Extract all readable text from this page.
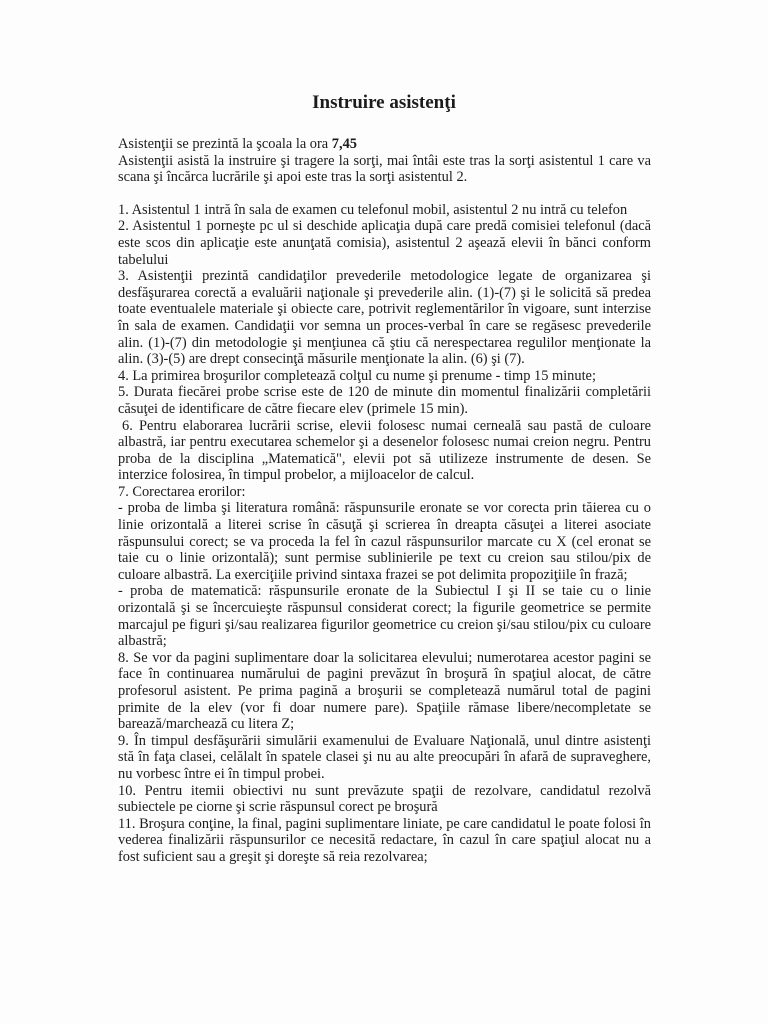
Instruire asistenţi

Asistenţii se prezintă la şcoala la ora 7,45

Asistenţii asistă la instruire şi tragere la sorţi, mai întâi este tras la sorţi asistentul 1 care va scana şi încărca lucrările şi apoi este tras la sorţi asistentul 2.

1. Asistentul 1 intră în sala de examen cu telefonul mobil, asistentul 2 nu intră cu telefon

2. Asistentul 1 porneşte pc ul si deschide aplicaţia după care predă comisiei telefonul (dacă este scos din aplicaţie este anunţată comisia), asistentul 2 aşează elevii în bănci conform tabelului

3. Asistenţii prezintă candidaţilor prevederile metodologice legate de organizarea şi desfăşurarea corectă a evaluării naţionale şi prevederile alin. (1)-(7) şi le solicită să predea toate eventualele materiale şi obiecte care, potrivit reglementărilor în vigoare, sunt interzise în sala de examen. Candidaţii vor semna un proces-verbal în care se regăsesc prevederile alin. (1)-(7) din metodologie şi menţiunea că ştiu că nerespectarea regulilor menţionate la alin. (3)-(5) are drept consecinţă măsurile menţionate la alin. (6) şi (7).

4. La primirea broşurilor completează colţul cu nume şi prenume - timp 15 minute;

5. Durata fiecărei probe scrise este de 120 de minute din momentul finalizării completării căsuţei de identificare de către fiecare elev (primele 15 min).

6. Pentru elaborarea lucrării scrise, elevii folosesc numai cerneală sau pastă de culoare albastră, iar pentru executarea schemelor şi a desenelor folosesc numai creion negru. Pentru proba de la disciplina „Matematică", elevii pot să utilizeze instrumente de desen. Se interzice folosirea, în timpul probelor, a mijloacelor de calcul.

7. Corectarea erorilor:

- proba de limba şi literatura română: răspunsurile eronate se vor corecta prin tăierea cu o linie orizontală a literei scrise în căsuţă şi scrierea în dreapta căsuţei a literei asociate răspunsului corect; se va proceda la fel în cazul răspunsurilor marcate cu X (cel eronat se taie cu o linie orizontală); sunt permise sublinierile pe text cu creion sau stilou/pix de culoare albastră. La exerciţiile privind sintaxa frazei se pot delimita propoziţiile în frază;

- proba de matematică: răspunsurile eronate de la Subiectul I şi II se taie cu o linie orizontală şi se încercuieşte răspunsul considerat corect; la figurile geometrice se permite marcajul pe figuri şi/sau realizarea figurilor geometrice cu creion şi/sau stilou/pix cu culoare albastră;

8. Se vor da pagini suplimentare doar la solicitarea elevului; numerotarea acestor pagini se face în continuarea numărului de pagini prevăzut în broşură în spaţiul alocat, de către profesorul asistent. Pe prima pagină a broşurii se completează numărul total de pagini primite de la elev (vor fi doar numere pare). Spaţiile rămase libere/necompletate se barează/marchează cu litera Z;

9. În timpul desfăşurării simulării examenului de Evaluare Naţională, unul dintre asistenţi stă în faţa clasei, celălalt în spatele clasei şi nu au alte preocupări în afară de supraveghere, nu vorbesc între ei în timpul probei.

10. Pentru itemii obiectivi nu sunt prevăzute spaţii de rezolvare, candidatul rezolvă subiectele pe ciorne şi scrie răspunsul corect pe broşură

11. Broşura conţine, la final, pagini suplimentare liniate, pe care candidatul le poate folosi în vederea finalizării răspunsurilor ce necesită redactare, în cazul în care spaţiul alocat nu a fost suficient sau a greşit şi doreşte să reia rezolvarea;
